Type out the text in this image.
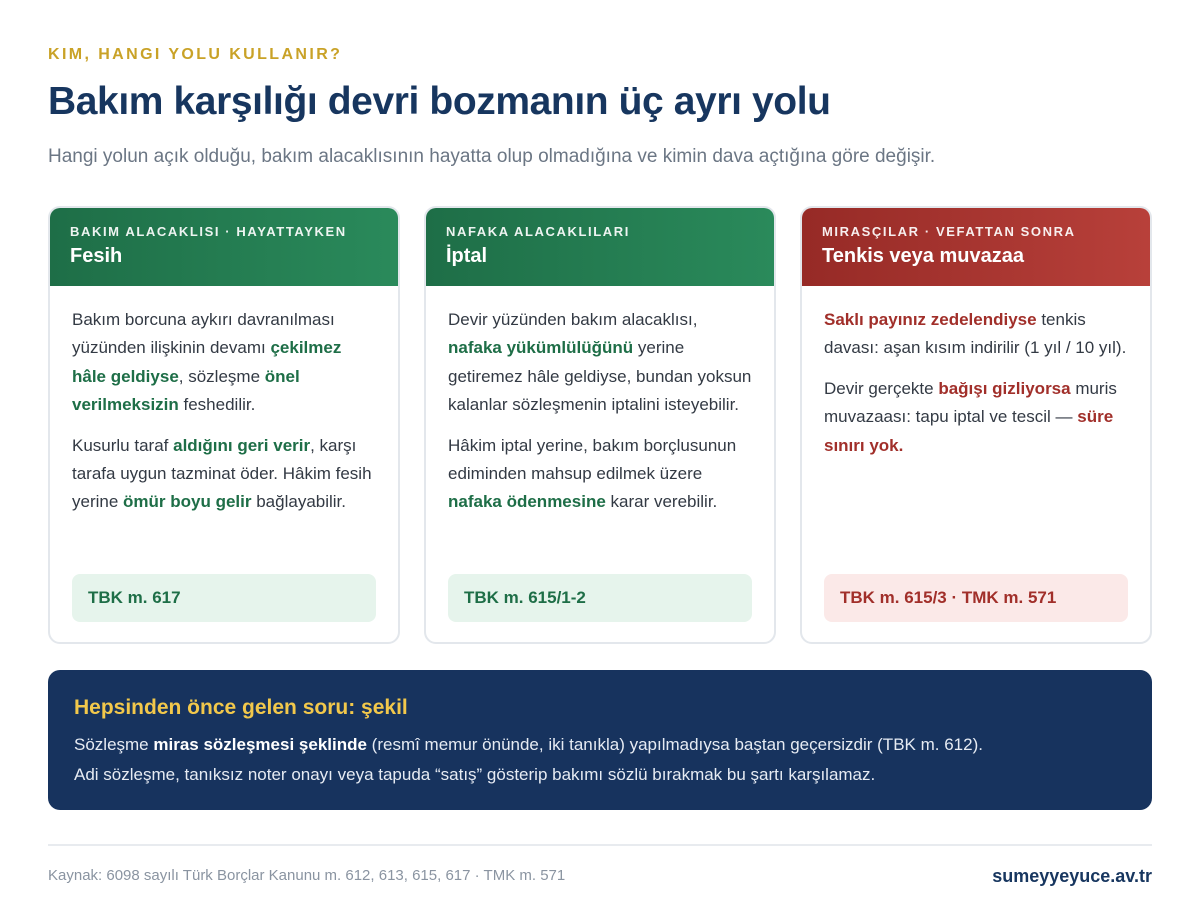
KIM, HANGI YOLU KULLANIR?
Bakım karşılığı devri bozmanın üç ayrı yolu
Hangi yolun açık olduğu, bakım alacaklısının hayatta olup olmadığına ve kimin dava açtığına göre değişir.
BAKIM ALACAKLISI · HAYATTAYKEN
Fesih

Bakım borcuna aykırı davranılması yüzünden ilişkinin devamı çekilmez hâle geldiyse, sözleşme önel verilmeksizin feshedilir.

Kusurlu taraf aldığını geri verir, karşı tarafa uygun tazminat öder. Hâkim fesih yerine ömür boyu gelir bağlayabilir.

TBK m. 617
NAFAKA ALACAKLILARI
İptal

Devir yüzünden bakım alacaklısı, nafaka yükümlülüğünü yerine getiremez hâle geldiyse, bundan yoksun kalanlar sözleşmenin iptalini isteyebilir.

Hâkim iptal yerine, bakım borçlusunun ediminden mahsup edilmek üzere nafaka ödenmesine karar verebilir.

TBK m. 615/1-2
MIRASÇILAR · VEFATTAN SONRA
Tenkis veya muvazaa

Saklı payınız zedelendiyse tenkis davası: aşan kısım indirilir (1 yıl / 10 yıl).

Devir gerçekte bağışı gizliyorsa muris muvazaası: tapu iptal ve tescil — süre sınırı yok.

TBK m. 615/3 · TMK m. 571
Hepsinden önce gelen soru: şekil
Sözleşme miras sözleşmesi şeklinde (resmî memur önünde, iki tanıkla) yapılmadıysa baştan geçersizdir (TBK m. 612).
Adi sözleşme, tanıksız noter onayı veya tapuda “satış” gösterip bakımı sözlü bırakmak bu şartı karşılamaz.
Kaynak: 6098 sayılı Türk Borçlar Kanunu m. 612, 613, 615, 617 · TMK m. 571	sumeyyeyuce.av.tr
